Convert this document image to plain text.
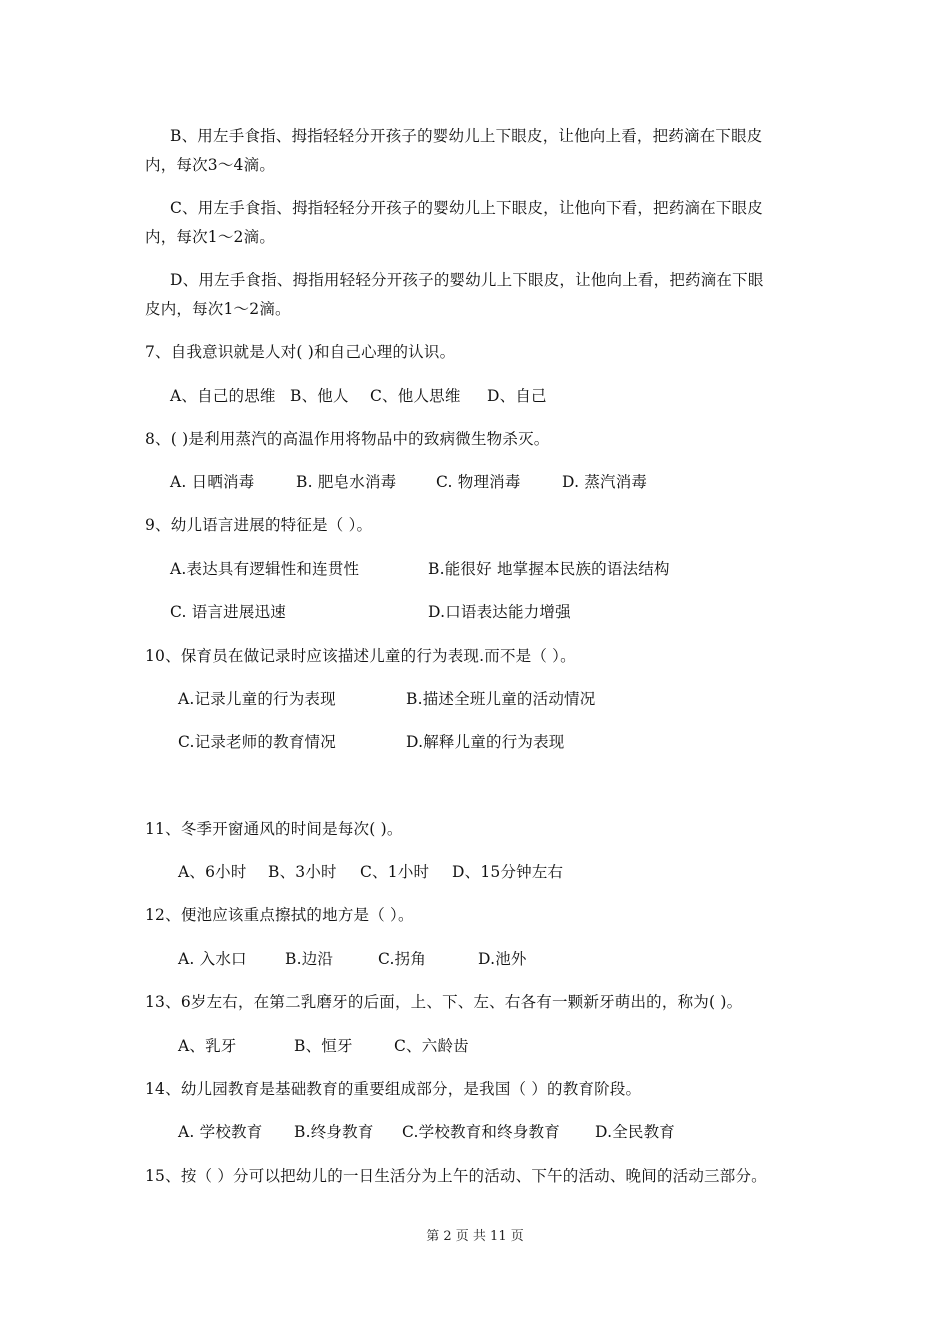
B、用左手食指、拇指轻轻分开孩子的婴幼儿上下眼皮，让他向上看，把药滴在下眼皮
内，每次3～4滴。
C、用左手食指、拇指轻轻分开孩子的婴幼儿上下眼皮，让他向下看，把药滴在下眼皮
内，每次1～2滴。
D、用左手食指、拇指用轻轻分开孩子的婴幼儿上下眼皮，让他向上看，把药滴在下眼
皮内，每次1～2滴。
7、自我意识就是人对( )和自己心理的认识。
A、自己的思维 B、他人 C、他人思维 D、自己
8、( )是利用蒸汽的高温作用将物品中的致病微生物杀灭。
A. 日晒消毒	B. 肥皂水消毒	C. 物理消毒	D. 蒸汽消毒
9、幼儿语言进展的特征是（ ）。
A.表达具有逻辑性和连贯性	B.能很好 地掌握本民族的语法结构
C. 语言进展迅速	D.口语表达能力增强
10、保育员在做记录时应该描述儿童的行为表现.而不是（ ）。
A.记录儿童的行为表现	B.描述全班儿童的活动情况
C.记录老师的教育情况	D.解释儿童的行为表现
11、冬季开窗通风的时间是每次( )。
A、6小时 B、3小时 C、1小时 D、15分钟左右
12、便池应该重点擦拭的地方是（ ）。
A. 入水口 B.边沿	C.拐角	D.池外
13、6岁左右，在第二乳磨牙的后面，上、下、左、右各有一颗新牙萌出的，称为( )。
A、乳牙	B、恒牙	C、六龄齿
14、幼儿园教育是基础教育的重要组成部分，是我国（ ）的教育阶段。
A. 学校教育 B.终身教育 C.学校教育和终身教育 D.全民教育
15、按（ ）分可以把幼儿的一日生活分为上午的活动、下午的活动、晚间的活动三部分。
第 2 页 共 11 页
